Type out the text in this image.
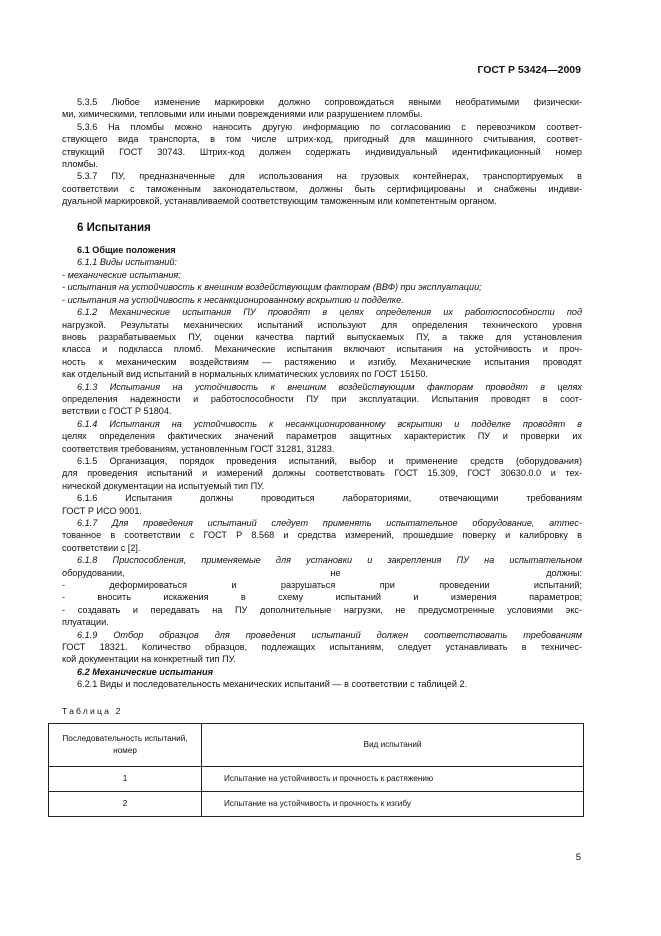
ГОСТ Р 53424—2009

5.3.5 Любое изменение маркировки должно сопровождаться явными необратимыми физически-

ми, химическими, тепловыми или иными повреждениями или разрушением пломбы.

5.3.6 На пломбы можно наносить другую информацию по согласованию с перевозчиком соответ-

ствующего вида транспорта, в том числе штрих-код, пригодный для машинного считывания, соответ-

ствующий ГОСТ 30743. Штрих-код должен содержать индивидуальный идентификационный номер

пломбы.

5.3.7 ПУ, предназначенные для использования на грузовых контейнерах, транспортируемых в

соответствии с таможенным законодательством, должны быть сертифицированы и снабжены индиви-

дуальной маркировкой, устанавливаемой соответствующим таможенным или компетентным органом.

6 Испытания
6.1 Общие положения

6.1.1 Виды испытаний:

- механические испытания;

- испытания на устойчивость к внешним воздействующим факторам (ВВФ) при эксплуатации;

- испытания на устойчивость к несанкционированному вскрытию и подделке.

6.1.2 Механические испытания ПУ проводят в целях определения их работоспособности под

нагрузкой. Результаты механических испытаний используют для определения технического уровня

вновь разрабатываемых ПУ, оценки качества партий выпускаемых ПУ, а также для установления

класса и подкласса пломб. Механические испытания включают испытания на устойчивость и проч-

ность к механическим воздействиям — растяжению и изгибу. Механические испытания проводят

как отдельный вид испытаний в нормальных климатических условиях по ГОСТ 15150.

6.1.3 Испытания на устойчивость к внешним воздействующим факторам проводят в целях

определения надежности и работоспособности ПУ при эксплуатации. Испытания проводят в соот-

ветствии с ГОСТ Р 51804.

6.1.4 Испытания на устойчивость к несанкционированному вскрытию и подделке проводят в

целях определения фактических значений параметров защитных характеристик ПУ и проверки их

соответствия требованиям, установленным ГОСТ 31281, 31283.

6.1.5 Организация, порядок проведения испытаний, выбор и применение средств (оборудования)

для проведения испытаний и измерений должны соответствовать ГОСТ 15.309, ГОСТ 30630.0.0 и тех-

нической документации на испытуемый тип ПУ.

6.1.6 Испытания должны проводиться лабораториями, отвечающими требованиям

ГОСТ Р ИСО 9001.

6.1.7 Для проведения испытаний следует применять испытательное оборудование, аттес-

тованное в соответствии с ГОСТ Р 8.568 и средства измерений, прошедшие поверку и калибровку в

соответствии с [2].

6.1.8 Приспособления, применяемые для установки и закрепления ПУ на испытательном

оборудовании, не должны:

- деформироваться и разрушаться при проведении испытаний;

- вносить искажения в схему испытаний и измерения параметров;

- создавать и передавать на ПУ дополнительные нагрузки, не предусмотренные условиями экс-

плуатации.

6.1.9 Отбор образцов для проведения испытаний должен соответствовать требованиям

ГОСТ 18321. Количество образцов, подлежащих испытаниям, следует устанавливать в техничес-

кой документации на конкретный тип ПУ.

6.2 Механические испытания

6.2.1 Виды и последовательность механических испытаний — в соответствии с таблицей 2.

Таблица 2
Последовательность испытаний, номер	Вид испытаний
1	Испытание на устойчивость и прочность к растяжению
2	Испытание на устойчивость и прочность к изгибу
5
